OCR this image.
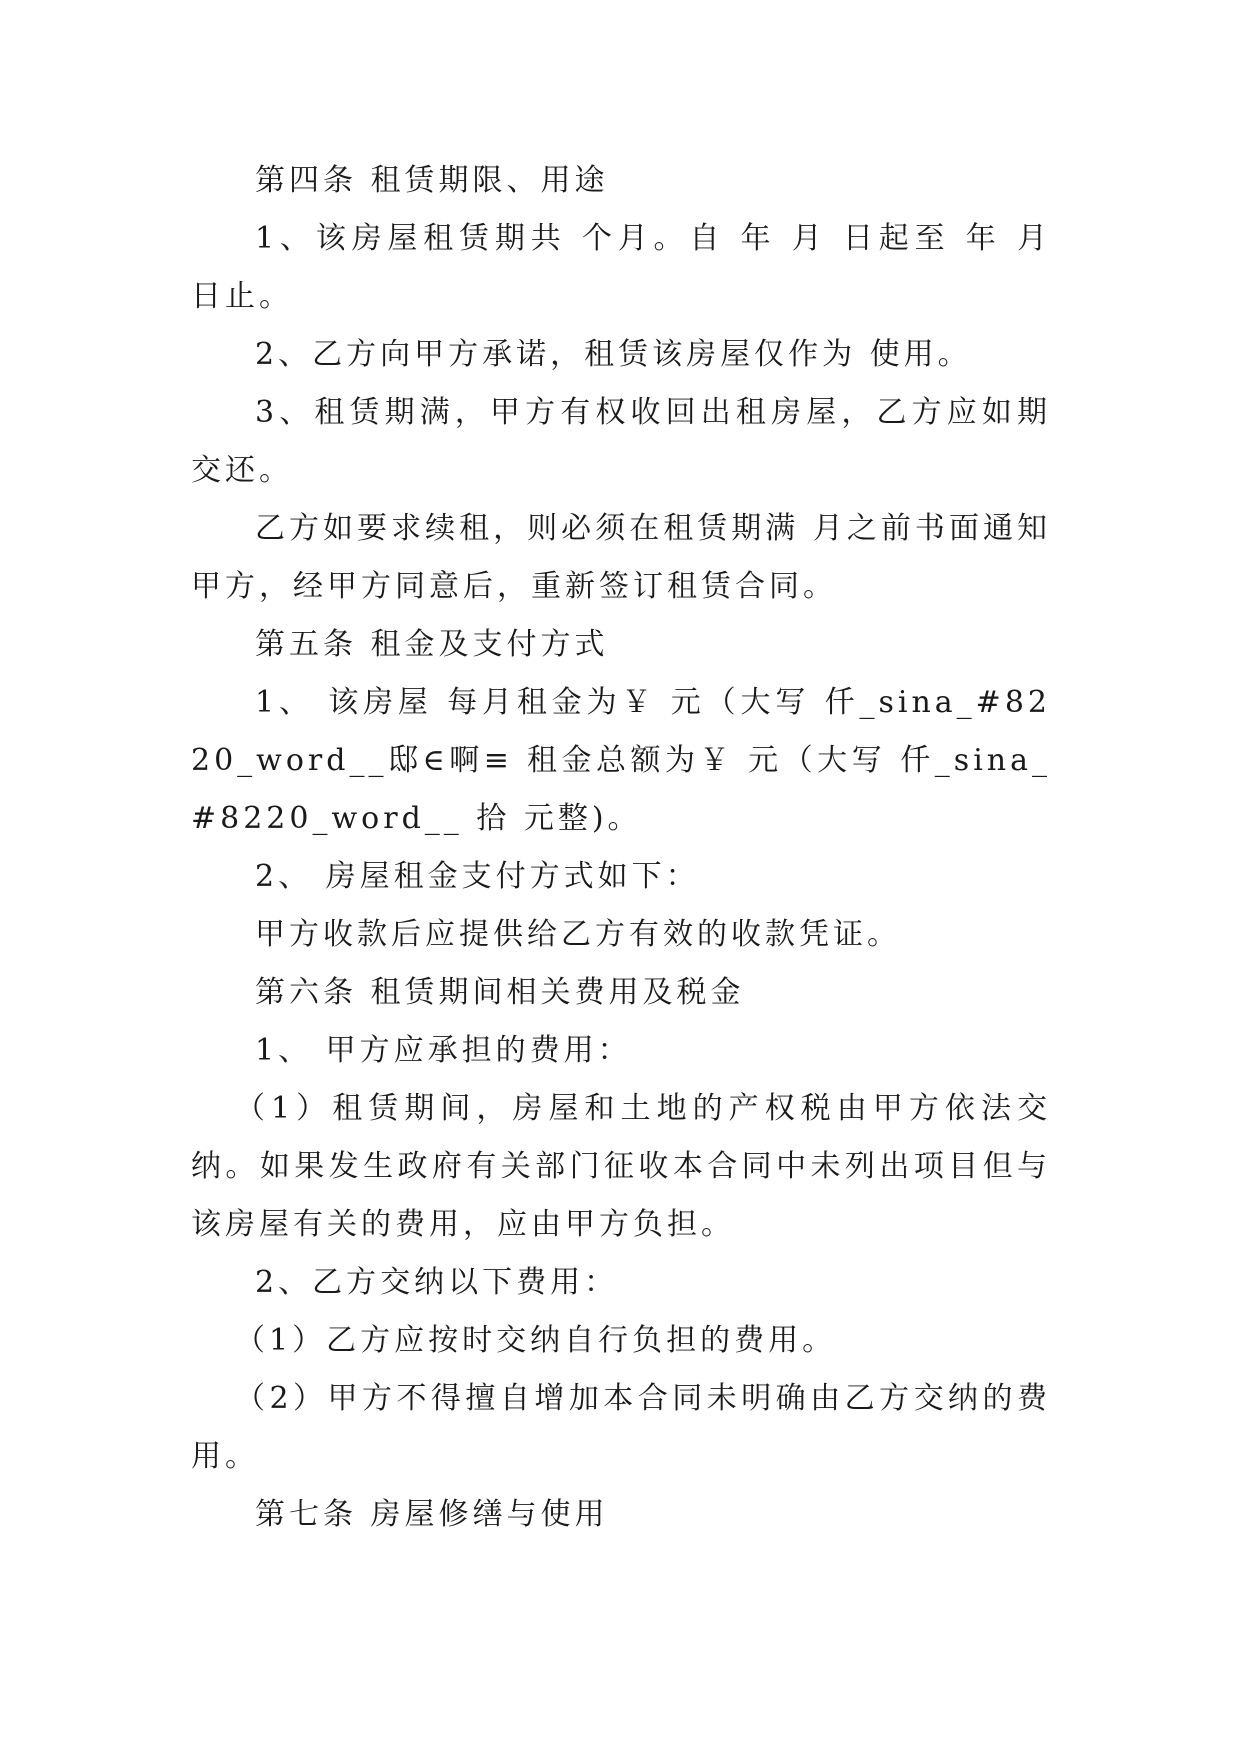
第四条 租赁期限、用途

1、该房屋租赁期共 个月。自 年 月 日起至 年 月 日止。

2、乙方向甲方承诺，租赁该房屋仅作为 使用。

3、租赁期满，甲方有权收回出租房屋，乙方应如期交还。

乙方如要求续租，则必须在租赁期满 月之前书面通知甲方，经甲方同意后，重新签订租赁合同。

第五条 租金及支付方式

1、 该房屋 每月租金为￥ 元（大写 仟_sina_#8220_word__邸∈啊≡ 租金总额为￥ 元（大写 仟_sina_#8220_word__ 拾 元整)。

2、 房屋租金支付方式如下：

甲方收款后应提供给乙方有效的收款凭证。

第六条 租赁期间相关费用及税金

1、 甲方应承担的费用：

（1）租赁期间，房屋和土地的产权税由甲方依法交纳。如果发生政府有关部门征收本合同中未列出项目但与该房屋有关的费用，应由甲方负担。

2、乙方交纳以下费用：

（1）乙方应按时交纳自行负担的费用。

（2）甲方不得擅自增加本合同未明确由乙方交纳的费用。

第七条 房屋修缮与使用
